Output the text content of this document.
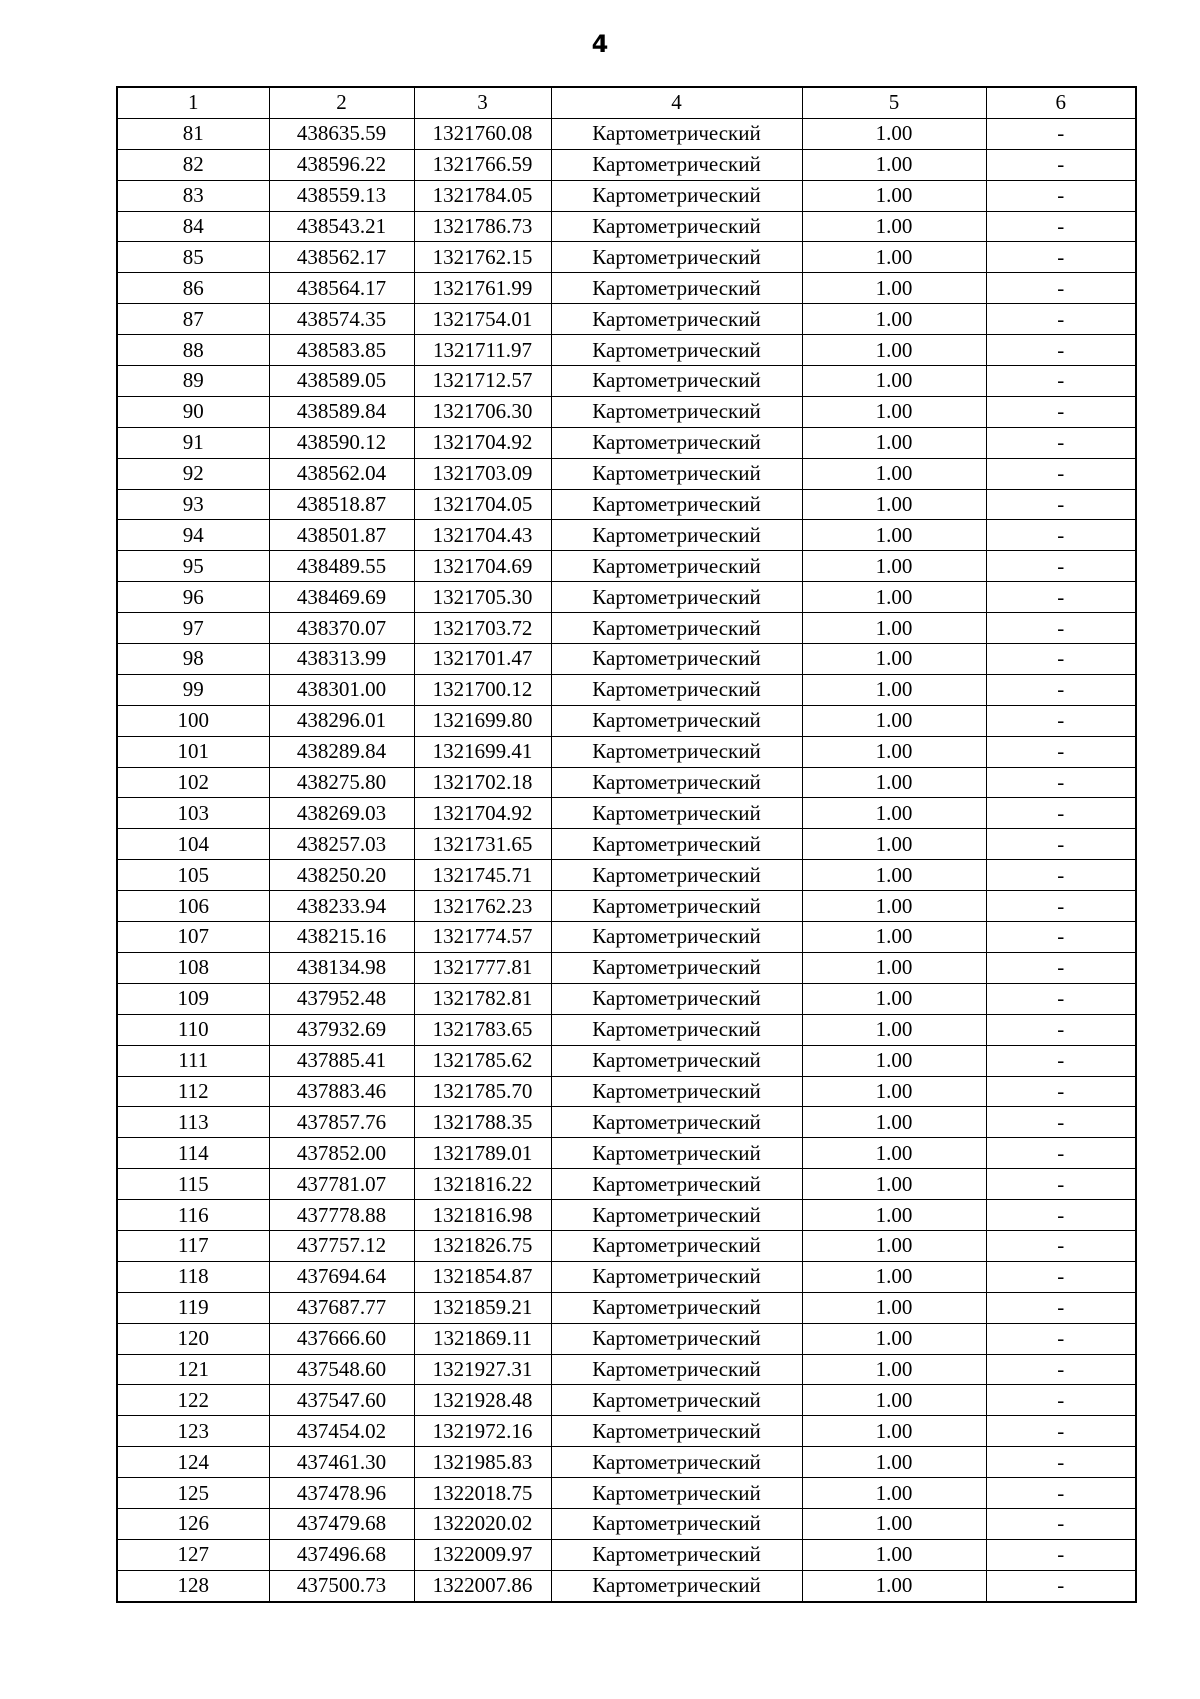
4
1	2	3	4	5	6
81	438635.59	1321760.08	Картометрический	1.00	-
82	438596.22	1321766.59	Картометрический	1.00	-
83	438559.13	1321784.05	Картометрический	1.00	-
84	438543.21	1321786.73	Картометрический	1.00	-
85	438562.17	1321762.15	Картометрический	1.00	-
86	438564.17	1321761.99	Картометрический	1.00	-
87	438574.35	1321754.01	Картометрический	1.00	-
88	438583.85	1321711.97	Картометрический	1.00	-
89	438589.05	1321712.57	Картометрический	1.00	-
90	438589.84	1321706.30	Картометрический	1.00	-
91	438590.12	1321704.92	Картометрический	1.00	-
92	438562.04	1321703.09	Картометрический	1.00	-
93	438518.87	1321704.05	Картометрический	1.00	-
94	438501.87	1321704.43	Картометрический	1.00	-
95	438489.55	1321704.69	Картометрический	1.00	-
96	438469.69	1321705.30	Картометрический	1.00	-
97	438370.07	1321703.72	Картометрический	1.00	-
98	438313.99	1321701.47	Картометрический	1.00	-
99	438301.00	1321700.12	Картометрический	1.00	-
100	438296.01	1321699.80	Картометрический	1.00	-
101	438289.84	1321699.41	Картометрический	1.00	-
102	438275.80	1321702.18	Картометрический	1.00	-
103	438269.03	1321704.92	Картометрический	1.00	-
104	438257.03	1321731.65	Картометрический	1.00	-
105	438250.20	1321745.71	Картометрический	1.00	-
106	438233.94	1321762.23	Картометрический	1.00	-
107	438215.16	1321774.57	Картометрический	1.00	-
108	438134.98	1321777.81	Картометрический	1.00	-
109	437952.48	1321782.81	Картометрический	1.00	-
110	437932.69	1321783.65	Картометрический	1.00	-
111	437885.41	1321785.62	Картометрический	1.00	-
112	437883.46	1321785.70	Картометрический	1.00	-
113	437857.76	1321788.35	Картометрический	1.00	-
114	437852.00	1321789.01	Картометрический	1.00	-
115	437781.07	1321816.22	Картометрический	1.00	-
116	437778.88	1321816.98	Картометрический	1.00	-
117	437757.12	1321826.75	Картометрический	1.00	-
118	437694.64	1321854.87	Картометрический	1.00	-
119	437687.77	1321859.21	Картометрический	1.00	-
120	437666.60	1321869.11	Картометрический	1.00	-
121	437548.60	1321927.31	Картометрический	1.00	-
122	437547.60	1321928.48	Картометрический	1.00	-
123	437454.02	1321972.16	Картометрический	1.00	-
124	437461.30	1321985.83	Картометрический	1.00	-
125	437478.96	1322018.75	Картометрический	1.00	-
126	437479.68	1322020.02	Картометрический	1.00	-
127	437496.68	1322009.97	Картометрический	1.00	-
128	437500.73	1322007.86	Картометрический	1.00	-
